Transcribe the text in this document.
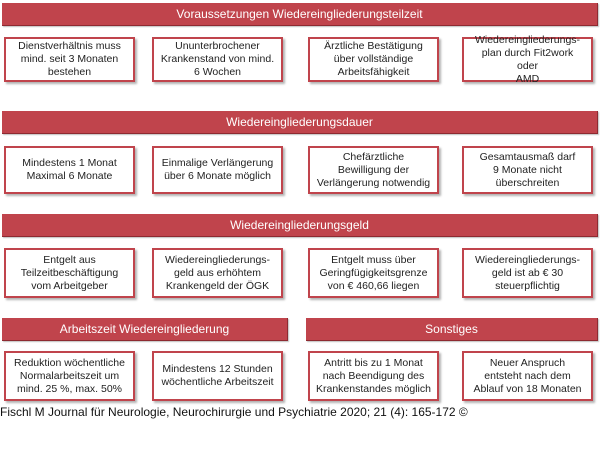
Voraussetzungen Wiedereingliederungsteilzeit
Dienstverhältnis muss
mind. seit 3 Monaten
bestehen
Ununterbrochener
Krankenstand von mind.
6 Wochen
Ärztliche Bestätigung
über vollständige
Arbeitsfähigkeit
Wiedereingliederungs-
plan durch Fit2work oder
AMD
Wiedereingliederungsdauer
Mindestens 1 Monat
Maximal 6 Monate
Einmalige Verlängerung
über 6 Monate möglich
Chefärztliche
Bewilligung der
Verlängerung notwendig
Gesamtausmaß darf
9 Monate nicht
überschreiten
Wiedereingliederungsgeld
Entgelt aus
Teilzeitbeschäftigung
vom Arbeitgeber
Wiedereingliederungs-
geld aus erhöhtem
Krankengeld der ÖGK
Entgelt muss über
Geringfügigkeitsgrenze
von € 460,66 liegen
Wiedereingliederungs-
geld ist ab € 30
steuerpflichtig
Arbeitszeit Wiedereingliederung	Sonstiges
Reduktion wöchentliche
Normalarbeitszeit um
mind. 25 %, max. 50%
Mindestens 12 Stunden
wöchentliche Arbeitszeit
Antritt bis zu 1 Monat
nach Beendigung des
Krankenstandes möglich
Neuer Anspruch
entsteht nach dem
Ablauf von 18 Monaten
Fischl M Journal für Neurologie, Neurochirurgie und Psychiatrie 2020; 21 (4): 165-172 ©
